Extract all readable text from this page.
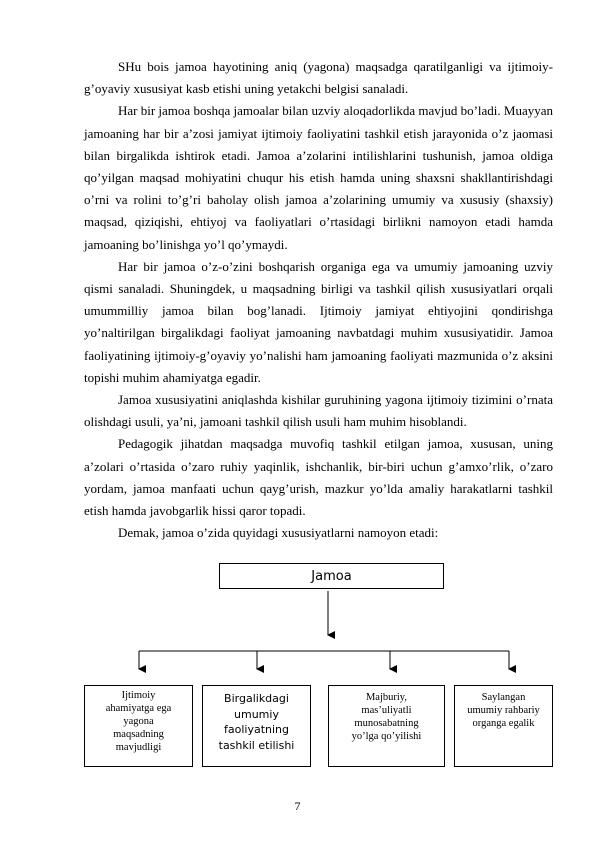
SHu bois jamoa hayotining aniq (yagona) maqsadga qaratilganligi va ijtimoiy-g’oyaviy xususiyat kasb etishi uning yetakchi belgisi sanaladi.

Har bir jamoa boshqa jamoalar bilan uzviy aloqadorlikda mavjud bo’ladi. Muayyan jamoaning har bir a’zosi jamiyat ijtimoiy faoliyatini tashkil etish jarayonida o’z jaomasi bilan birgalikda ishtirok etadi. Jamoa a’zolarini intilishlarini tushunish, jamoa oldiga qo’yilgan maqsad mohiyatini chuqur his etish hamda uning shaxsni shakllantirishdagi o’rni va rolini to’g’ri baholay olish jamoa a’zolarining umumiy va xususiy (shaxsiy) maqsad, qiziqishi, ehtiyoj va faoliyatlari o’rtasidagi birlikni namoyon etadi hamda jamoaning bo’linishga yo’l qo’ymaydi.

Har bir jamoa o’z-o’zini boshqarish organiga ega va umumiy jamoaning uzviy qismi sanaladi. Shuningdek, u maqsadning birligi va tashkil qilish xususiyatlari orqali umummilliy jamoa bilan bog’lanadi. Ijtimoiy jamiyat ehtiyojini qondirishga yo’naltirilgan birgalikdagi faoliyat jamoaning navbatdagi muhim xususiyatidir. Jamoa faoliyatining ijtimoiy-g’oyaviy yo’nalishi ham jamoaning faoliyati mazmunida o’z aksini topishi muhim ahamiyatga egadir.

Jamoa xususiyatini aniqlashda kishilar guruhining yagona ijtimoiy tizimini o’rnata olishdagi usuli, ya’ni, jamoani tashkil qilish usuli ham muhim hisoblandi.

Pedagogik jihatdan maqsadga muvofiq tashkil etilgan jamoa, xususan, uning a’zolari o’rtasida o’zaro ruhiy yaqinlik, ishchanlik, bir-biri uchun g’amxo’rlik, o’zaro yordam, jamoa manfaati uchun qayg’urish, mazkur yo’lda amaliy harakatlarni tashkil etish hamda javobgarlik hissi qaror topadi.

Demak, jamoa o’zida quyidagi xususiyatlarni namoyon etadi:

Jamoa
Ijtimoiy
ahamiyatga ega
yagona
maqsadning
mavjudligi
Birgalikdagi
umumiy
faoliyatning
tashkil etilishi
Majburiy,
mas’uliyatli
munosabatning
yo’lga qo’yilishi
Saylangan
umumiy rahbariy
organga egalik
7
